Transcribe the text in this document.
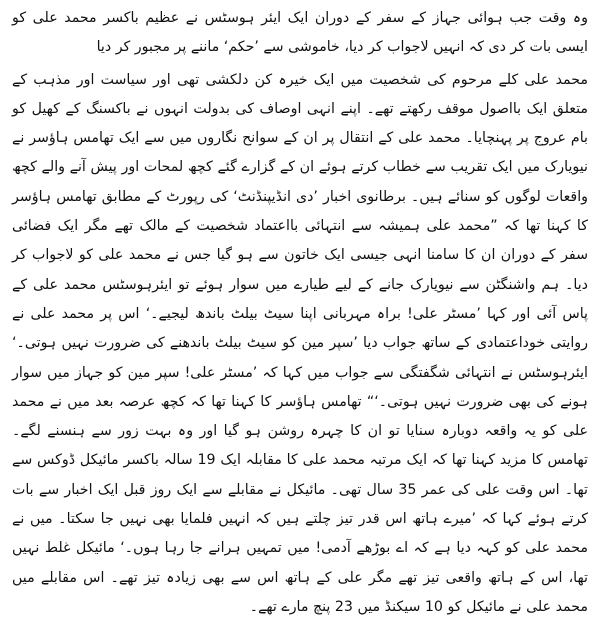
وہ وقت جب ہوائی جہاز کے سفر کے دوران ایک ایئر ہوسٹس نے عظیم باکسر محمد علی کو ایسی بات کر دی کہ انہیں لاجواب کر دیا، خاموشی سے ’حکم‘ ماننے پر مجبور کر دیا

محمد علی کلے مرحوم کی شخصیت میں ایک خیرہ کن دلکشی تھی اور سیاست اور مذہب کے متعلق ایک بااصول موقف رکھتے تھے۔ اپنے انہی اوصاف کی بدولت انہوں نے باکسنگ کے کھیل کو بام عروج پر پہنچایا۔ محمد علی کے انتقال پر ان کے سوانح نگاروں میں سے ایک تھامس ہاؤسر نے نیویارک میں ایک تقریب سے خطاب کرتے ہوئے ان کے گزارے گئے کچھ لمحات اور پیش آنے والے کچھ واقعات لوگوں کو سنائے ہیں۔ برطانوی اخبار ’دی انڈیپنڈنٹ‘ کی رپورٹ کے مطابق تھامس ہاؤسر کا کہنا تھا کہ ”محمد علی ہمیشہ سے انتہائی بااعتماد شخصیت کے مالک تھے مگر ایک فضائی سفر کے دوران ان کا سامنا انہی جیسی ایک خاتون سے ہو گیا جس نے محمد علی کو لاجواب کر دیا۔ ہم واشنگٹن سے نیویارک جانے کے لیے طیارے میں سوار ہوئے تو ایئرہوسٹس محمد علی کے پاس آئی اور کہا ’مسٹر علی! براہ مہربانی اپنا سیٹ بیلٹ باندھ لیجیے۔‘ اس پر محمد علی نے روایتی خوداعتمادی کے ساتھ جواب دیا ’سپر مین کو سیٹ بیلٹ باندھنے کی ضرورت نہیں ہوتی۔‘ ایئرہوسٹس نے انتہائی شگفتگی سے جواب میں کہا کہ ’مسٹر علی! سپر مین کو جہاز میں سوار ہونے کی بھی ضرورت نہیں ہوتی۔‘“ تھامس ہاؤسر کا کہنا تھا کہ کچھ عرصہ بعد میں نے محمد علی کو یہ واقعہ دوبارہ سنایا تو ان کا چہرہ روشن ہو گیا اور وہ بہت زور سے ہنسنے لگے۔ تھامس کا مزید کہنا تھا کہ ایک مرتبہ محمد علی کا مقابلہ ایک 19 سالہ باکسر مائیکل ڈوکس سے تھا۔ اس وقت علی کی عمر 35 سال تھی۔ مائیکل نے مقابلے سے ایک روز قبل ایک اخبار سے بات کرتے ہوئے کہا کہ ’میرے ہاتھ اس قدر تیز چلتے ہیں کہ انہیں فلمایا بھی نہیں جا سکتا۔ میں نے محمد علی کو کہہ دیا ہے کہ اے بوڑھے آدمی! میں تمہیں ہرانے جا رہا ہوں۔‘ مائیکل غلط نہیں تھا، اس کے ہاتھ واقعی تیز تھے مگر علی کے ہاتھ اس سے بھی زیادہ تیز تھے۔ اس مقابلے میں محمد علی نے مائیکل کو 10 سیکنڈ میں 23 پنچ مارے تھے۔
